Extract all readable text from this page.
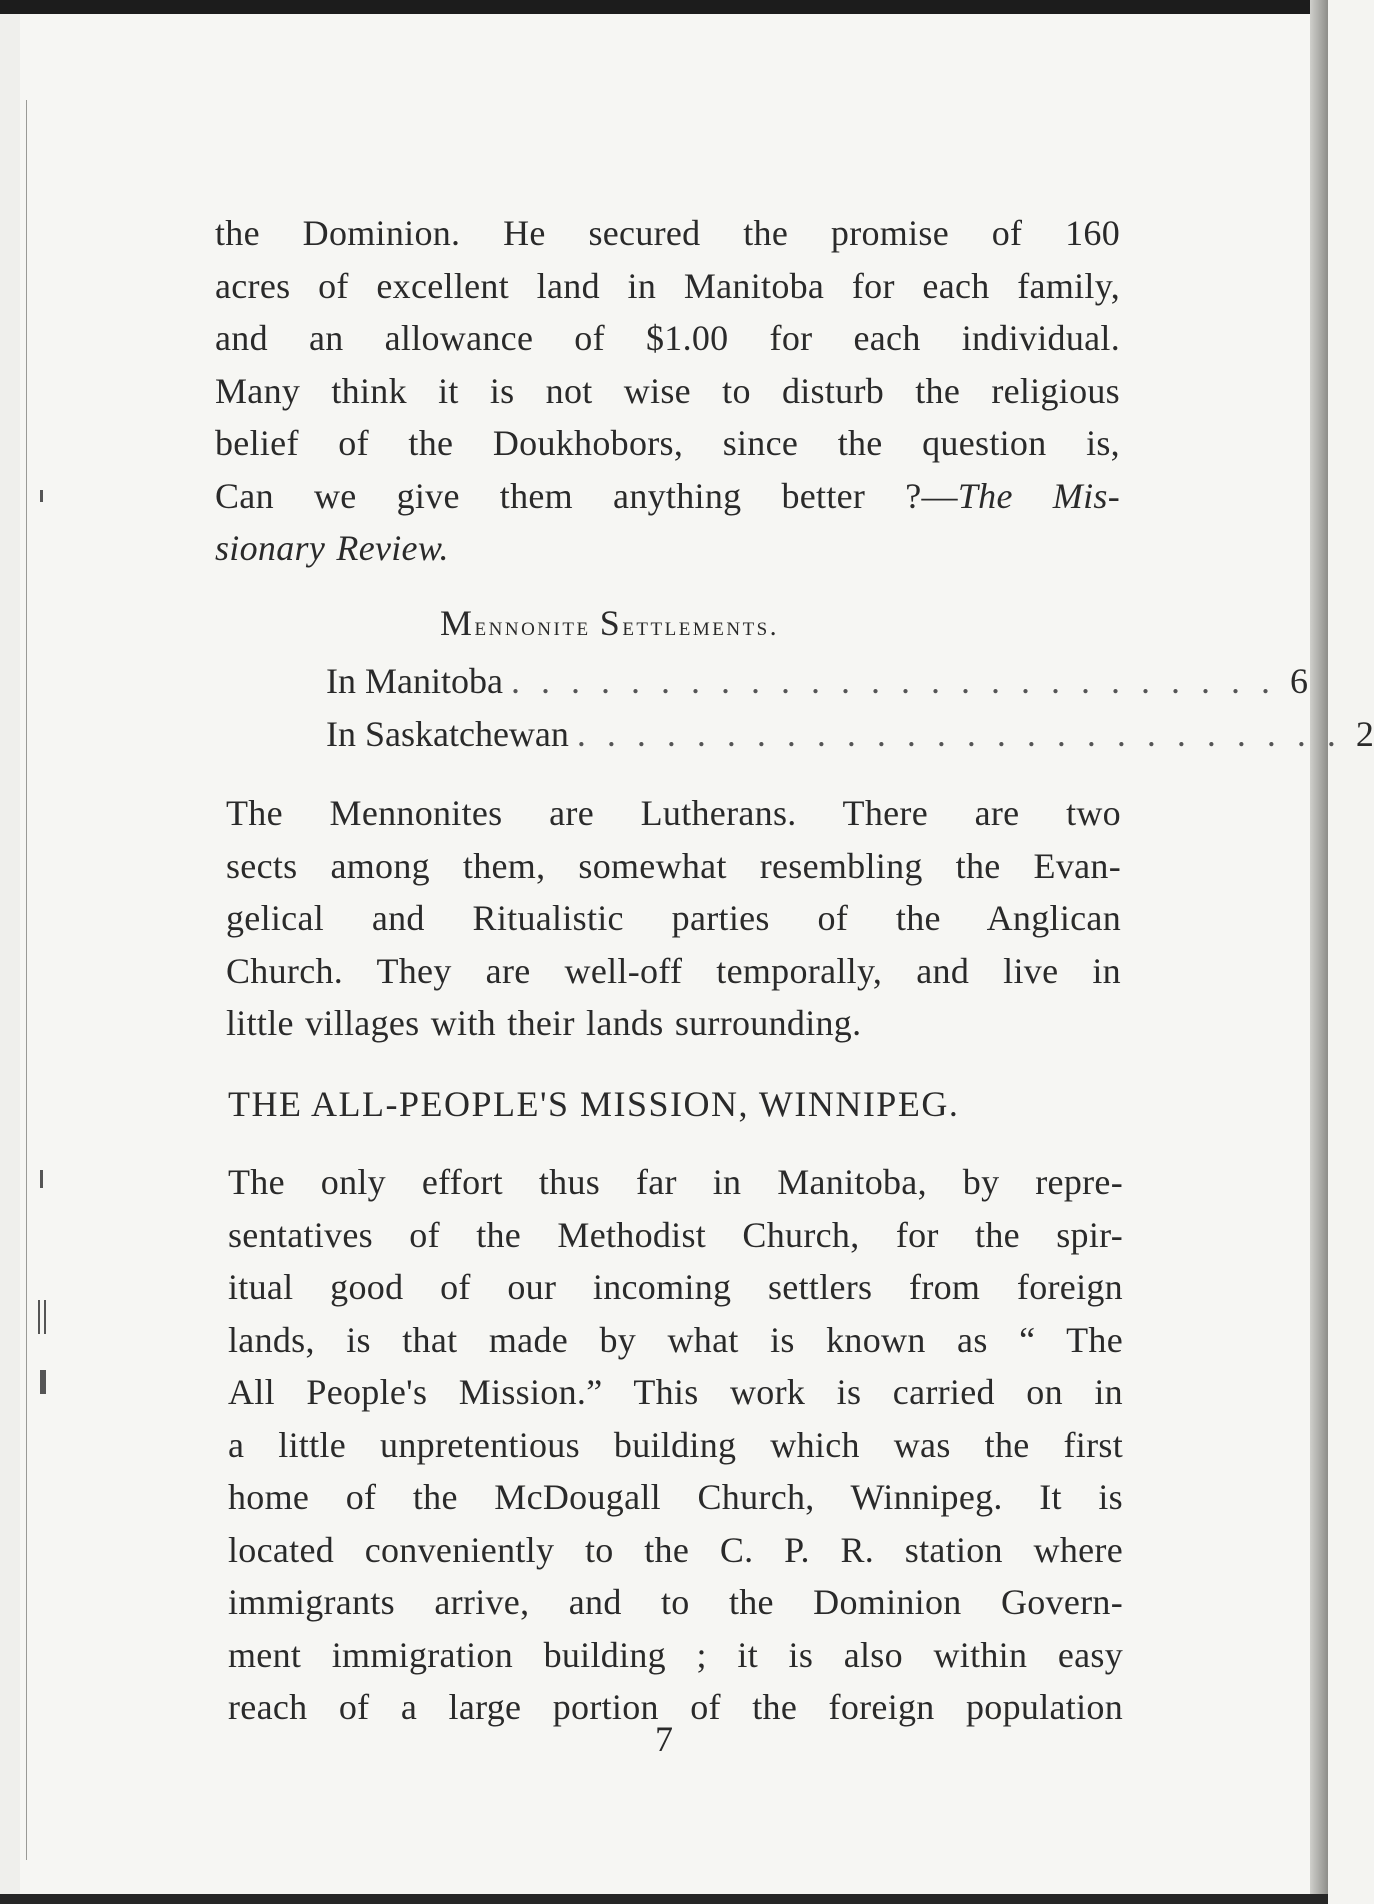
the Dominion. He secured the promise of 160
acres of excellent land in Manitoba for each family,
and an allowance of $1.00 for each individual.
Many think it is not wise to disturb the religious
belief of the Doukhobors, since the question is,
Can we give them anything better ?—The Mis-
sionary Review.
Mennonite Settlements.
In Manitoba . . . . . . . . . . . . . . . . . . . . . . . . . . 6
In Saskatchewan . . . . . . . . . . . . . . . . . . . . . . . . . . 2
The Mennonites are Lutherans. There are two
sects among them, somewhat resembling the Evan-
gelical and Ritualistic parties of the Anglican
Church. They are well-off temporally, and live in
little villages with their lands surrounding.
THE ALL-PEOPLE'S MISSION, WINNIPEG.
The only effort thus far in Manitoba, by repre-
sentatives of the Methodist Church, for the spir-
itual good of our incoming settlers from foreign
lands, is that made by what is known as “ The
All People's Mission.” This work is carried on in
a little unpretentious building which was the first
home of the McDougall Church, Winnipeg. It is
located conveniently to the C. P. R. station where
immigrants arrive, and to the Dominion Govern-
ment immigration building ; it is also within easy
reach of a large portion of the foreign population
7
